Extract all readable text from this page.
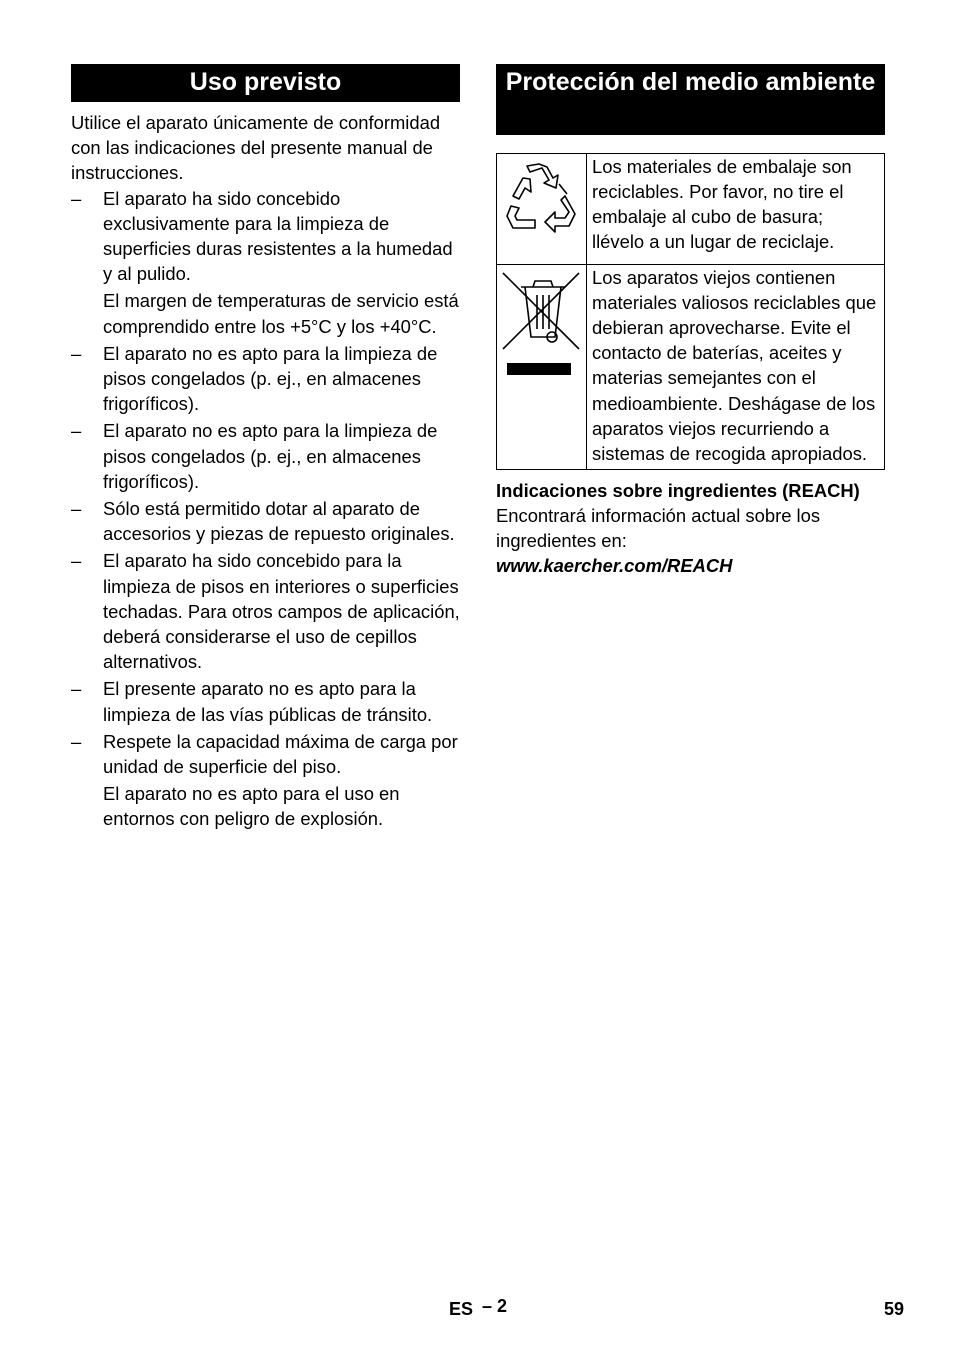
Uso previsto

Utilice el aparato únicamente de conformidad con las indicaciones del presente manual de instrucciones.

– El aparato ha sido concebido exclusivamente para la limpieza de superficies duras resistentes a la humedad y al pulido.

El margen de temperaturas de servicio está comprendido entre los +5°C y los +40°C.

– El aparato no es apto para la limpieza de pisos congelados (p. ej., en almacenes frigoríficos).

– El aparato no es apto para la limpieza de pisos congelados (p. ej., en almacenes frigoríficos).

– Sólo está permitido dotar al aparato de accesorios y piezas de repuesto originales.

– El aparato ha sido concebido para la limpieza de pisos en interiores o superficies techadas. Para otros campos de aplicación, deberá considerarse el uso de cepillos alternativos.

– El presente aparato no es apto para la limpieza de las vías públicas de tránsito.

– Respete la capacidad máxima de carga por unidad de superficie del piso.

El aparato no es apto para el uso en entornos con peligro de explosión.

Protección del medio ambiente
	Los materiales de embalaje son reciclables. Por favor, no tire el embalaje al cubo de basura; llévelo a un lugar de reciclaje.
	Los aparatos viejos contienen materiales valiosos reciclables que debieran aprovecharse. Evite el contacto de baterías, aceites y materias semejantes con el medioambiente. Deshágase de los aparatos viejos recurriendo a sistemas de recogida apropiados.
Indicaciones sobre ingredientes (REACH)
Encontrará información actual sobre los ingredientes en:
www.kaercher.com/REACH
ES – 2	59
